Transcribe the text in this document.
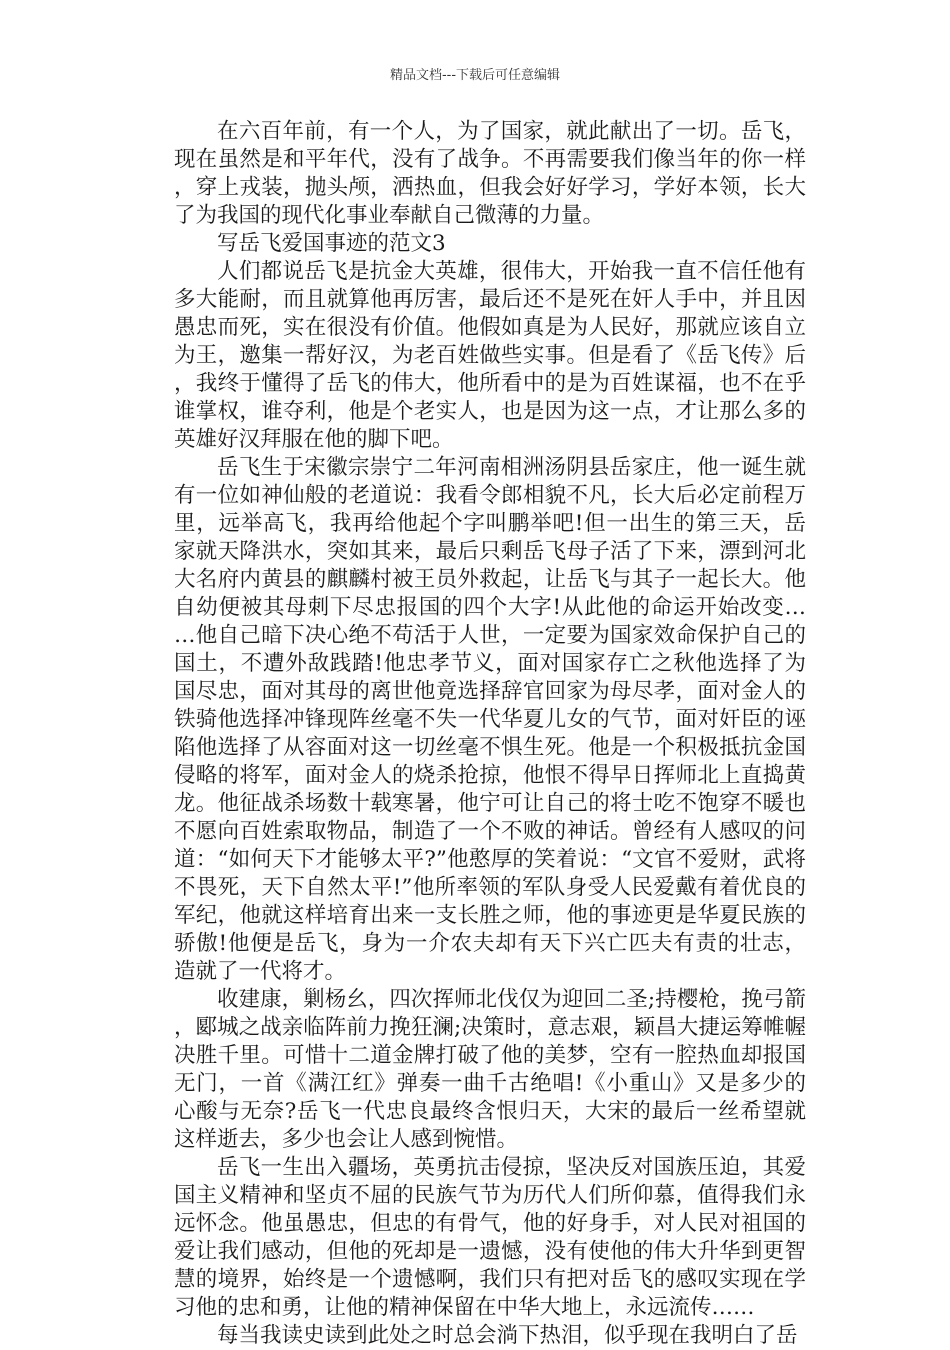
精品文档---下载后可任意编辑

在六百年前，有一个人，为了国家，就此献出了一切。岳飞，现在虽然是和平年代，没有了战争。不再需要我们像当年的你一样，穿上戎装，抛头颅，洒热血，但我会好好学习，学好本领，长大了为我国的现代化事业奉献自己微薄的力量。

写岳飞爱国事迹的范文3

人们都说岳飞是抗金大英雄，很伟大，开始我一直不信任他有多大能耐，而且就算他再厉害，最后还不是死在奸人手中，并且因愚忠而死，实在很没有价值。他假如真是为人民好，那就应该自立为王，邀集一帮好汉，为老百姓做些实事。但是看了《岳飞传》后，我终于懂得了岳飞的伟大，他所看中的是为百姓谋福，也不在乎谁掌权，谁夺利，他是个老实人，也是因为这一点，才让那么多的英雄好汉拜服在他的脚下吧。

岳飞生于宋徽宗崇宁二年河南相洲汤阴县岳家庄，他一诞生就有一位如神仙般的老道说：我看令郎相貌不凡，长大后必定前程万里，远举高飞，我再给他起个字叫鹏举吧!但一出生的第三天，岳家就天降洪水，突如其来，最后只剩岳飞母子活了下来，漂到河北大名府内黄县的麒麟村被王员外救起，让岳飞与其子一起长大。他自幼便被其母刺下尽忠报国的四个大字!从此他的命运开始改变……他自己暗下决心绝不苟活于人世，一定要为国家效命保护自己的国土，不遭外敌践踏!他忠孝节义，面对国家存亡之秋他选择了为国尽忠，面对其母的离世他竟选择辞官回家为母尽孝，面对金人的铁骑他选择冲锋现阵丝毫不失一代华夏儿女的气节，面对奸臣的诬陷他选择了从容面对这一切丝毫不惧生死。他是一个积极抵抗金国侵略的将军，面对金人的烧杀抢掠，他恨不得早日挥师北上直捣黄龙。他征战杀场数十载寒暑，他宁可让自己的将士吃不饱穿不暖也不愿向百姓索取物品，制造了一个不败的神话。曾经有人感叹的问道：“如何天下才能够太平?”他憨厚的笑着说：“文官不爱财，武将不畏死，天下自然太平!”他所率领的军队身受人民爱戴有着优良的军纪，他就这样培育出来一支长胜之师，他的事迹更是华夏民族的骄傲!他便是岳飞，身为一介农夫却有天下兴亡匹夫有责的壮志，造就了一代将才。

收建康，剿杨幺，四次挥师北伐仅为迎回二圣;持樱枪，挽弓箭，郾城之战亲临阵前力挽狂澜;决策时，意志艰，颖昌大捷运筹帷幄决胜千里。可惜十二道金牌打破了他的美梦，空有一腔热血却报国无门，一首《满江红》弹奏一曲千古绝唱!《小重山》又是多少的心酸与无奈?岳飞一代忠良最终含恨归天，大宋的最后一丝希望就这样逝去，多少也会让人感到惋惜。

岳飞一生出入疆场，英勇抗击侵掠，坚决反对国族压迫，其爱国主义精神和坚贞不屈的民族气节为历代人们所仰慕，值得我们永远怀念。他虽愚忠，但忠的有骨气，他的好身手，对人民对祖国的爱让我们感动，但他的死却是一遗憾，没有使他的伟大升华到更智慧的境界，始终是一个遗憾啊，我们只有把对岳飞的感叹实现在学习他的忠和勇，让他的精神保留在中华大地上，永远流传……

每当我读史读到此处之时总会淌下热泪，似乎现在我明白了岳
